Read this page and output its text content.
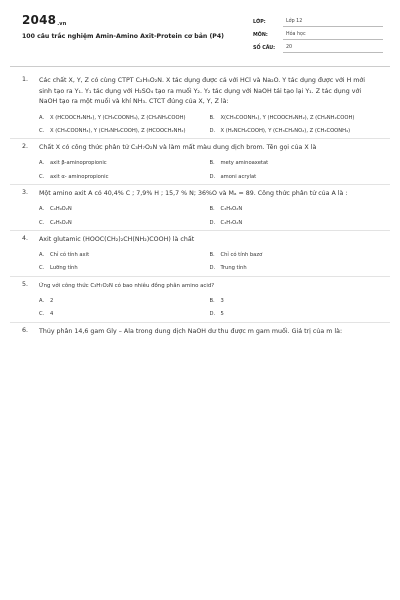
2048.vn
100 câu trắc nghiệm Amin-Amino Axit-Protein cơ bản (P4)
LỚP:	Lớp 12
MÔN:	Hóa học
SỐ CÂU:	20
1. Các chất X, Y, Z có cùng CTPT C₂H₅O₂N. X tác dụng được cả với HCl và Na₂O. Y tác dụng được với H mới sinh tạo ra Y₁. Y₁ tác dụng với H₂SO₄ tạo ra muối Y₂. Y₂ tác dụng với NaOH tái tạo lại Y₁. Z tác dụng với NaOH tạo ra một muối và khí NH₃. CTCT đúng của X, Y, Z là:
A.	X (HCOOCH₂NH₂), Y (CH₃COONH₄), Z (CH₂NH₂COOH)	B.	X(CH₃COONH₄), Y (HCOOCH₂NH₂), Z (CH₂NH₂COOH)
C.	X (CH₃COONH₄), Y (CH₂NH₂COOH), Z (HCOOCH₂NH₂)	D.	X (H₂NCH₂COOH), Y (CH₃CH₂NO₂), Z (CH₃COONH₄)
2. Chất X có công thức phân tử C₃H₇O₂N và làm mất màu dung dịch brom. Tên gọi của X là
A.	axit β-aminopropionic	B.	mety aminoaxetat
C.	axit α- aminopropionic	D.	amoni acrylat
3. Một amino axit A có 40,4% C ; 7,9% H ; 15,7 % N; 36%O và Mₐ = 89. Công thức phân tử của A là :
A.	C₄H₉O₂N	B.	C₃H₅O₂N
C.	C₂H₅O₂N	D.	C₃H₇O₂N
4. Axit glutamic (HOOC(CH₂)₂CH(NH₂)COOH) là chất
A.	Chỉ có tính axit	B.	Chỉ có tính bazơ
C.	Lưỡng tính	D.	Trung tính
5. Ứng với công thức C₃H₇O₂N có bao nhiêu đồng phân amino acid?
A.	2	B.	3
C.	4	D.	5
6. Thủy phân 14,6 gam Gly – Ala trong dung dịch NaOH dư thu được m gam muối. Giá trị của m là:
